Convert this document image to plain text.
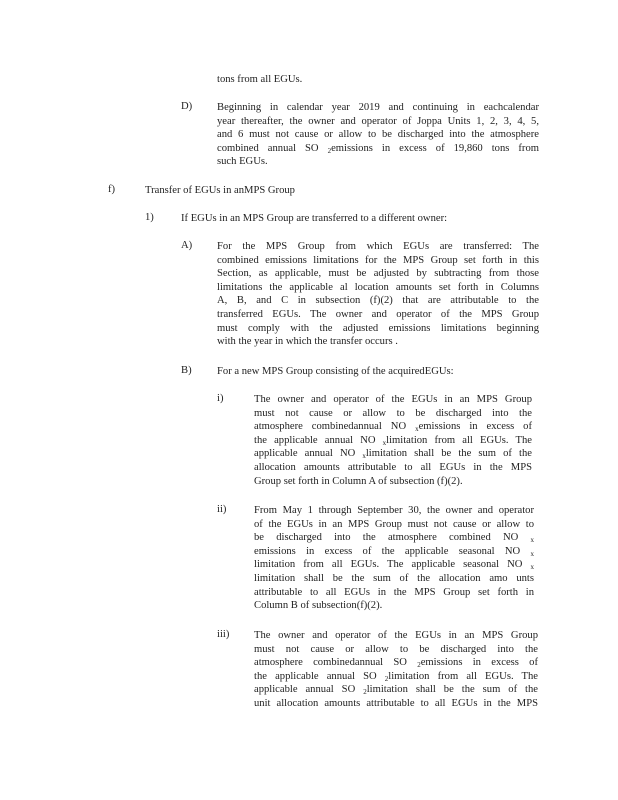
tons from all EGUs.
D) Beginning in calendar year 2019 and continuing in eachcalendar
year thereafter, the owner and operator of Joppa Units 1, 2, 3, 4, 5,
and 6 must not cause or allow to be discharged into the atmosphere
combined annual SO $_2$emissions in excess of 19,860 tons from
such EGUs.
f)	Transfer of EGUs in anMPS Group
1)	If EGUs in an MPS Group are transferred to a different owner:
A) For the MPS Group from which EGUs are transferred: The
combined emissions limitations for the MPS Group set forth in this
Section, as applicable, must be adjusted by subtracting from those
limitations the applicable al location amounts set forth in Columns
A, B, and C in subsection (f)(2) that are attributable to the
transferred EGUs. The owner and operator of the MPS Group
must comply with the adjusted emissions limitations beginning
with the year in which the transfer occurs .
B) For a new MPS Group consisting of the acquiredEGUs:
i)	The owner and operator of the EGUs in an MPS Group
must not cause or allow to be discharged into the
atmosphere combinedannual NO $_x$emissions in excess of
the applicable annual NO $_x$limitation from all EGUs. The
applicable annual NO $_x$limitation shall be the sum of the
allocation amounts attributable to all EGUs in the MPS
Group set forth in Column A of subsection (f)(2).
ii)	From May 1 through September 30, the owner and operator
of the EGUs in an MPS Group must not cause or allow to
be discharged into the atmosphere combined NO $_x$
emissions in excess of the applicable seasonal NO $_x$
limitation from all EGUs. The applicable seasonal NO $_x$
limitation shall be the sum of the allocation amo unts
attributable to all EGUs in the MPS Group set forth in
Column B of subsection(f)(2).
iii) The owner and operator of the EGUs in an MPS Group
must not cause or allow to be discharged into the
atmosphere combinedannual SO $_2$emissions in excess of
the applicable annual SO $_2$limitation from all EGUs. The
applicable annual SO $_2$limitation shall be the sum of the
unit allocation amounts attributable to all EGUs in the MPS
